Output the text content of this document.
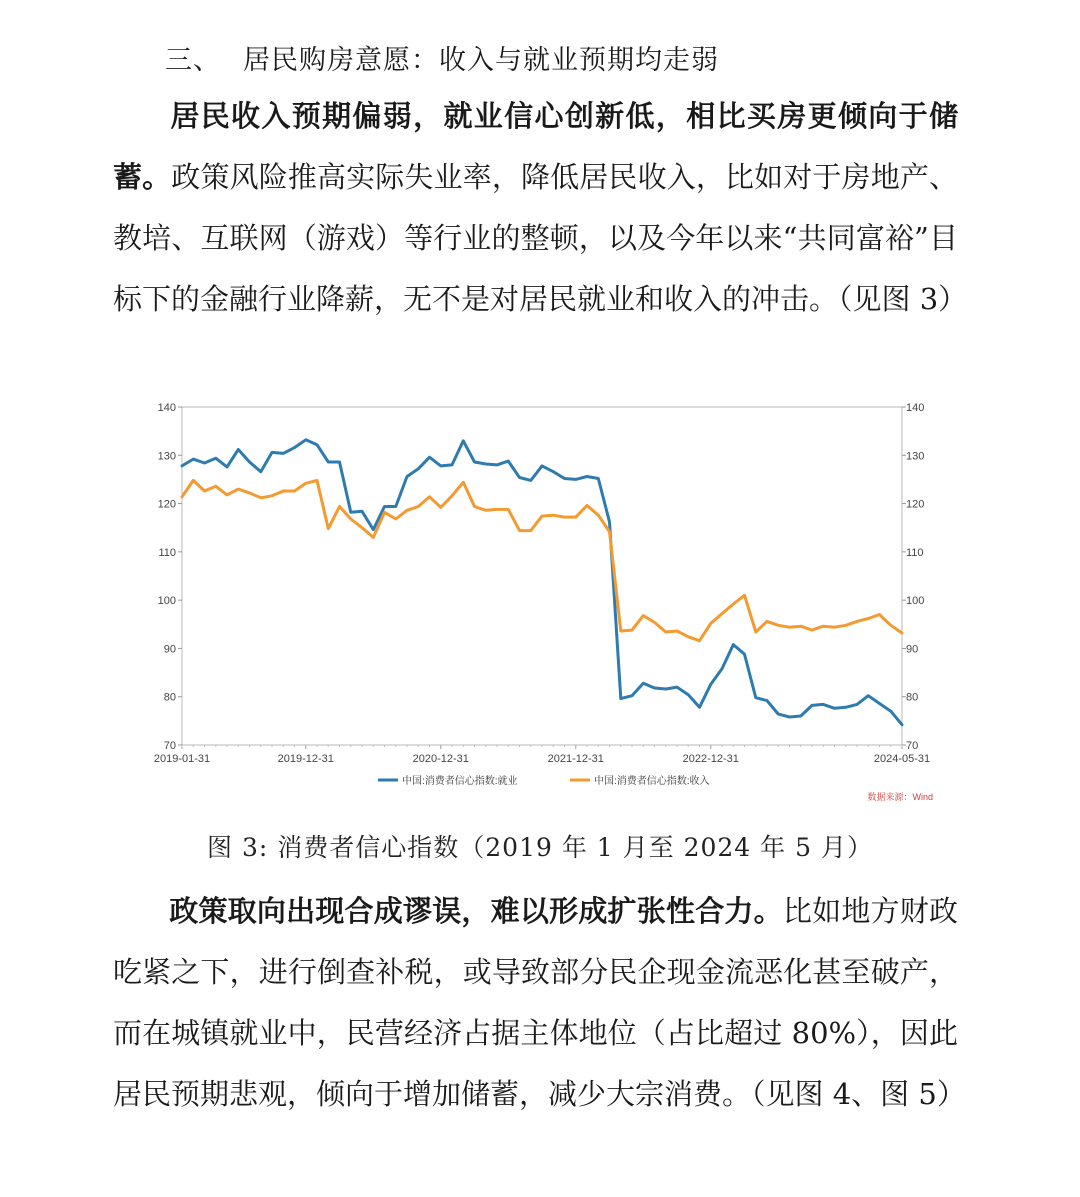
三、 居民购房意愿：收入与就业预期均走弱
居民收入预期偏弱，就业信心创新低，相比买房更倾向于储蓄。政策风险推高实际失业率，降低居民收入，比如对于房地产、教培、互联网（游戏）等行业的整顿，以及今年以来“共同富裕”目标下的金融行业降薪，无不是对居民就业和收入的冲击。（见图 3）
70
80
90
100
110
120
130
140
70
80
90
100
110
120
130
140
2019-01-31	2019-12-31	2020-12-31	2021-12-31	2022-12-31	2024-05-31
中国:消费者信心指数:就业	中国:消费者信心指数:收入
数据来源：Wind
图 3: 消费者信心指数（2019 年 1 月至 2024 年 5 月）
政策取向出现合成谬误，难以形成扩张性合力。比如地方财政吃紧之下，进行倒查补税，或导致部分民企现金流恶化甚至破产，而在城镇就业中，民营经济占据主体地位（占比超过 80%），因此居民预期悲观，倾向于增加储蓄，减少大宗消费。（见图 4、图 5）
